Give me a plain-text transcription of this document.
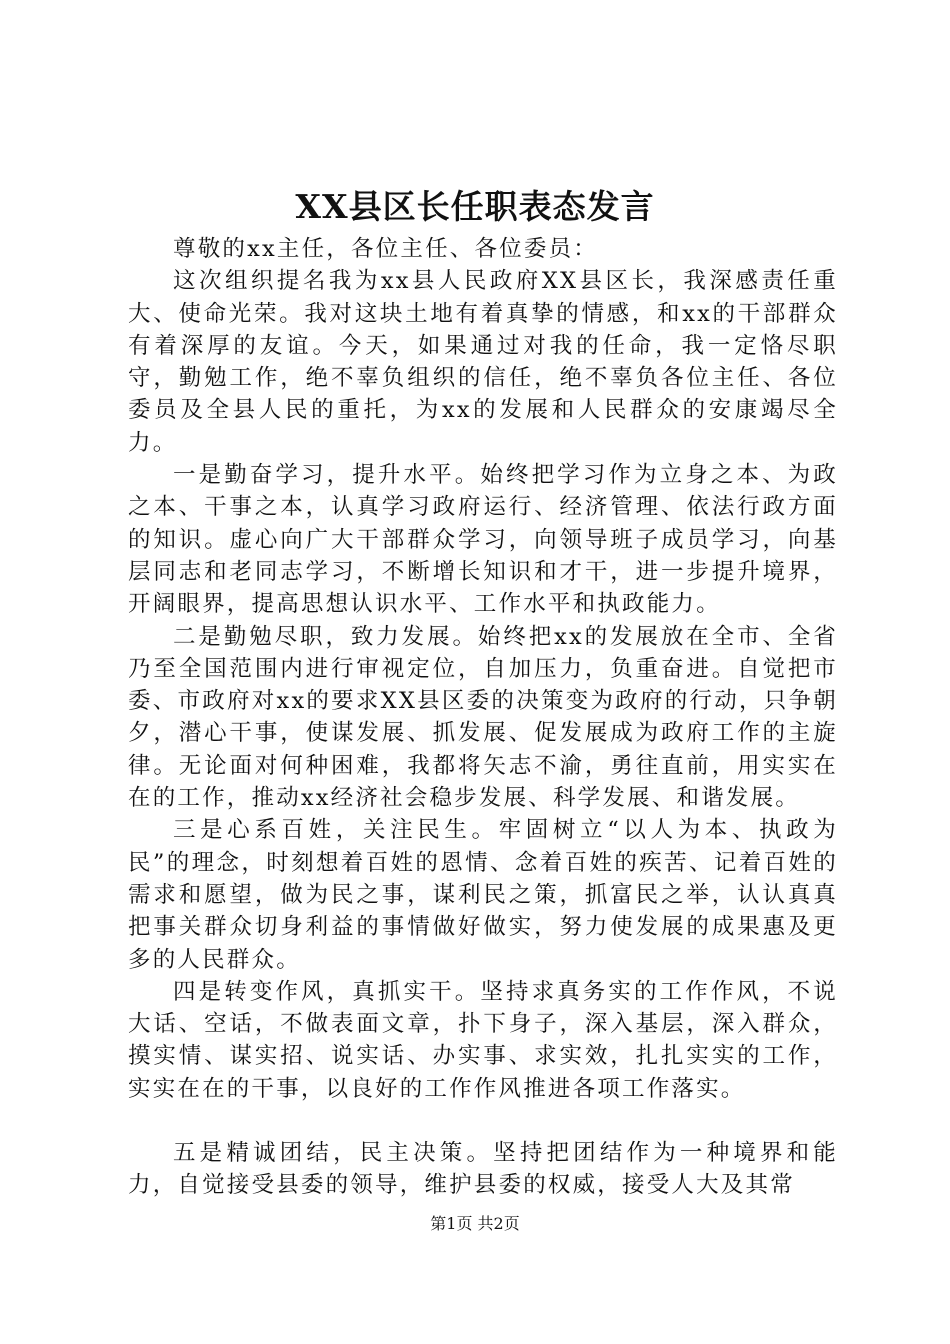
XX县区长任职表态发言

尊敬的xx主任，各位主任、各位委员：

这次组织提名我为xx县人民政府XX县区长，我深感责任重大、使命光荣。我对这块土地有着真挚的情感，和xx的干部群众有着深厚的友谊。今天，如果通过对我的任命，我一定恪尽职守，勤勉工作，绝不辜负组织的信任，绝不辜负各位主任、各位委员及全县人民的重托，为xx的发展和人民群众的安康竭尽全力。

一是勤奋学习，提升水平。始终把学习作为立身之本、为政之本、干事之本，认真学习政府运行、经济管理、依法行政方面的知识。虚心向广大干部群众学习，向领导班子成员学习，向基层同志和老同志学习，不断增长知识和才干，进一步提升境界，开阔眼界，提高思想认识水平、工作水平和执政能力。

二是勤勉尽职，致力发展。始终把xx的发展放在全市、全省乃至全国范围内进行审视定位，自加压力，负重奋进。自觉把市委、市政府对xx的要求XX县区委的决策变为政府的行动，只争朝夕，潜心干事，使谋发展、抓发展、促发展成为政府工作的主旋律。无论面对何种困难，我都将矢志不渝，勇往直前，用实实在在的工作，推动xx经济社会稳步发展、科学发展、和谐发展。

三是心系百姓，关注民生。牢固树立“以人为本、执政为民”的理念，时刻想着百姓的恩情、念着百姓的疾苦、记着百姓的需求和愿望，做为民之事，谋利民之策，抓富民之举，认认真真把事关群众切身利益的事情做好做实，努力使发展的成果惠及更多的人民群众。

四是转变作风，真抓实干。坚持求真务实的工作作风，不说大话、空话，不做表面文章，扑下身子，深入基层，深入群众，摸实情、谋实招、说实话、办实事、求实效，扎扎实实的工作，实实在在的干事，以良好的工作作风推进各项工作落实。

五是精诚团结，民主决策。坚持把团结作为一种境界和能力，自觉接受县委的领导，维护县委的权威，接受人大及其常

第1页 共2页
